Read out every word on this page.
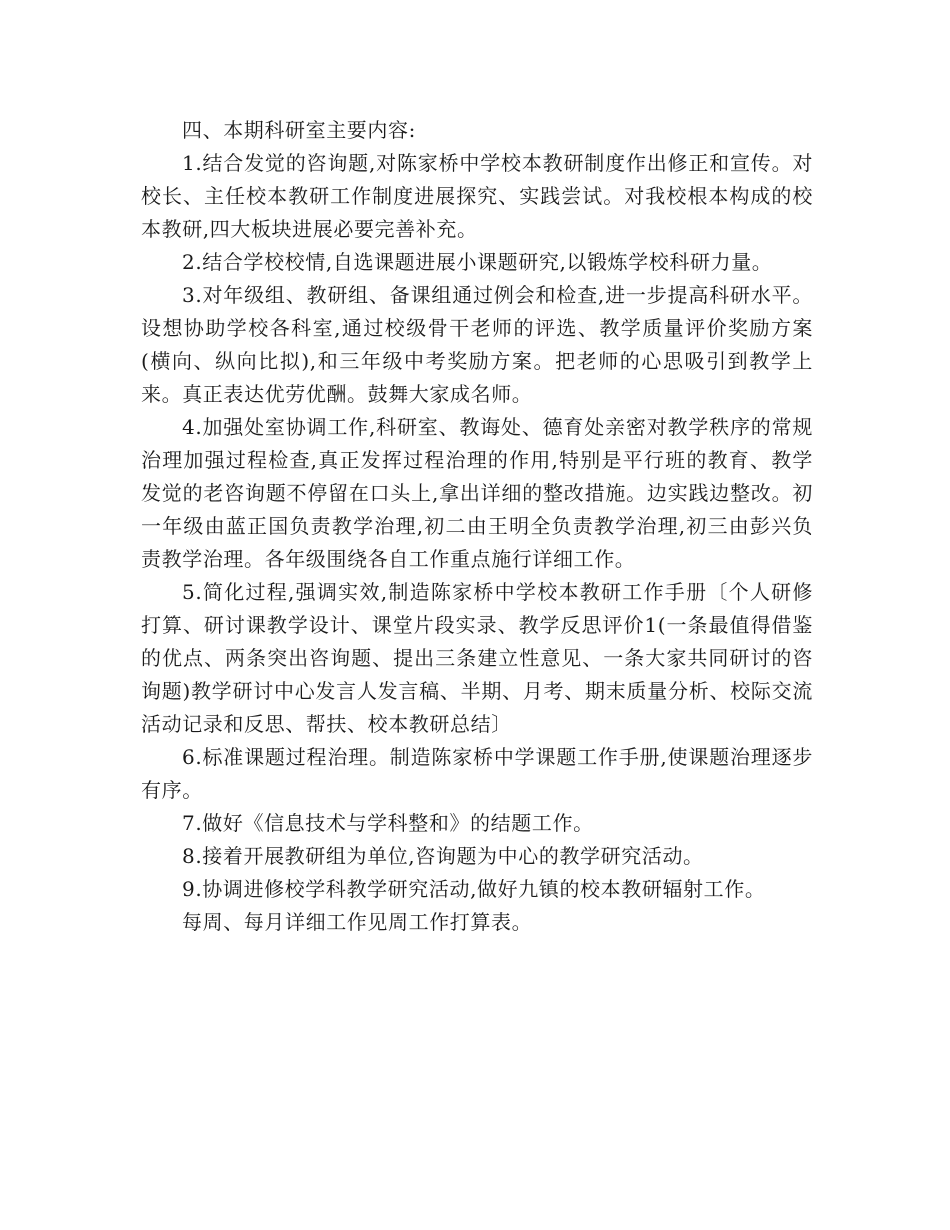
四、本期科研室主要内容:

1.结合发觉的咨询题,对陈家桥中学校本教研制度作出修正和宣传。对校长、主任校本教研工作制度进展探究、实践尝试。对我校根本构成的校本教研,四大板块进展必要完善补充。

2.结合学校校情,自选课题进展小课题研究,以锻炼学校科研力量。

3.对年级组、教研组、备课组通过例会和检查,进一步提高科研水平。设想协助学校各科室,通过校级骨干老师的评选、教学质量评价奖励方案(横向、纵向比拟),和三年级中考奖励方案。把老师的心思吸引到教学上来。真正表达优劳优酬。鼓舞大家成名师。

4.加强处室协调工作,科研室、教诲处、德育处亲密对教学秩序的常规治理加强过程检查,真正发挥过程治理的作用,特别是平行班的教育、教学发觉的老咨询题不停留在口头上,拿出详细的整改措施。边实践边整改。初一年级由蓝正国负责教学治理,初二由王明全负责教学治理,初三由彭兴负责教学治理。各年级围绕各自工作重点施行详细工作。

5.简化过程,强调实效,制造陈家桥中学校本教研工作手册〔个人研修打算、研讨课教学设计、课堂片段实录、教学反思评价1(一条最值得借鉴的优点、两条突出咨询题、提出三条建立性意见、一条大家共同研讨的咨询题)教学研讨中心发言人发言稿、半期、月考、期末质量分析、校际交流活动记录和反思、帮扶、校本教研总结〕

6.标准课题过程治理。制造陈家桥中学课题工作手册,使课题治理逐步有序。

7.做好《信息技术与学科整和》的结题工作。

8.接着开展教研组为单位,咨询题为中心的教学研究活动。

9.协调进修校学科教学研究活动,做好九镇的校本教研辐射工作。

每周、每月详细工作见周工作打算表。
